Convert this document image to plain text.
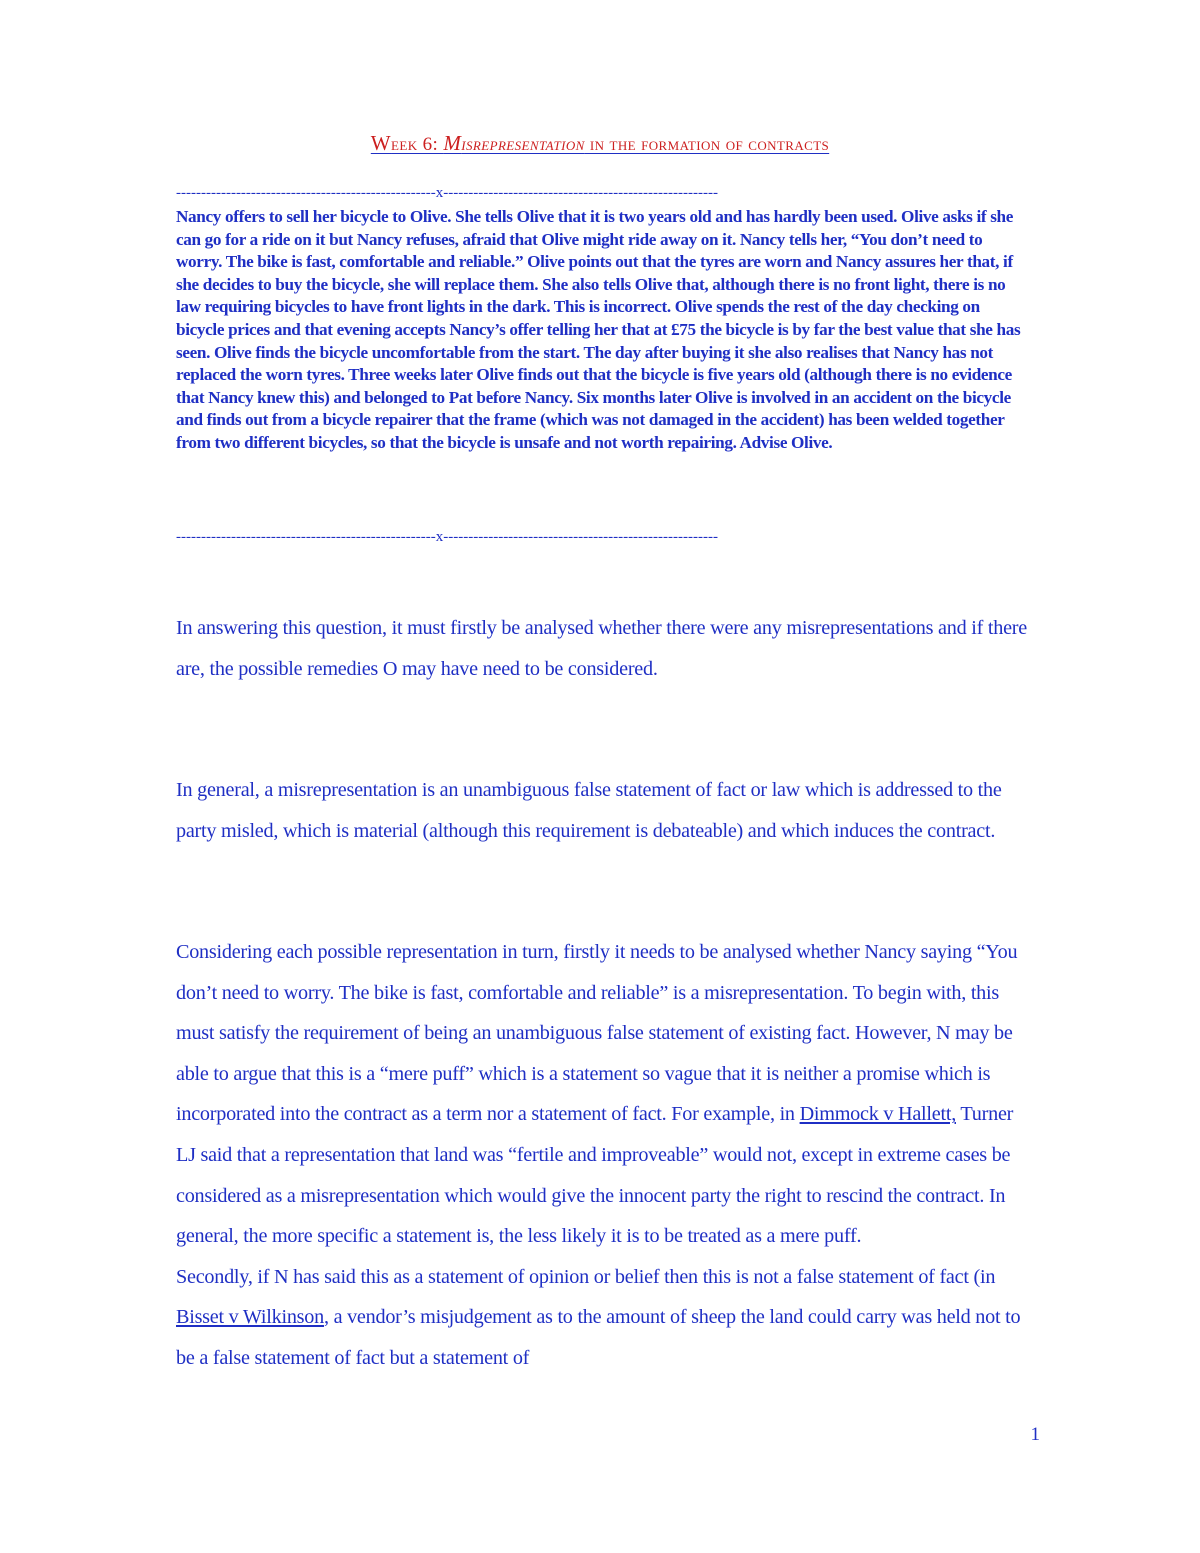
Week 6: Misrepresentation in the formation of contracts
----------------------------------------------------x-------------------------------------------------------

Nancy offers to sell her bicycle to Olive. She tells Olive that it is two years old and has hardly been used. Olive asks if she can go for a ride on it but Nancy refuses, afraid that Olive might ride away on it. Nancy tells her, “You don’t need to worry. The bike is fast, comfortable and reliable.” Olive points out that the tyres are worn and Nancy assures her that, if she decides to buy the bicycle, she will replace them. She also tells Olive that, although there is no front light, there is no law requiring bicycles to have front lights in the dark. This is incorrect. Olive spends the rest of the day checking on bicycle prices and that evening accepts Nancy’s offer telling her that at £75 the bicycle is by far the best value that she has seen. Olive finds the bicycle uncomfortable from the start. The day after buying it she also realises that Nancy has not replaced the worn tyres. Three weeks later Olive finds out that the bicycle is five years old (although there is no evidence that Nancy knew this) and belonged to Pat before Nancy. Six months later Olive is involved in an accident on the bicycle and finds out from a bicycle repairer that the frame (which was not damaged in the accident) has been welded together from two different bicycles, so that the bicycle is unsafe and not worth repairing. Advise Olive.

----------------------------------------------------x-------------------------------------------------------

In answering this question, it must firstly be analysed whether there were any misrepresentations and if there are, the possible remedies O may have need to be considered.

In general, a misrepresentation is an unambiguous false statement of fact or law which is addressed to the party misled, which is material (although this requirement is debateable) and which induces the contract.

Considering each possible representation in turn, firstly it needs to be analysed whether Nancy saying “You don’t need to worry. The bike is fast, comfortable and reliable” is a misrepresentation. To begin with, this must satisfy the requirement of being an unambiguous false statement of existing fact. However, N may be able to argue that this is a “mere puff” which is a statement so vague that it is neither a promise which is incorporated into the contract as a term nor a statement of fact. For example, in Dimmock v Hallett, Turner LJ said that a representation that land was “fertile and improveable” would not, except in extreme cases be considered as a misrepresentation which would give the innocent party the right to rescind the contract. In general, the more specific a statement is, the less likely it is to be treated as a mere puff.
Secondly, if N has said this as a statement of opinion or belief then this is not a false statement of fact (in Bisset v Wilkinson, a vendor’s misjudgement as to the amount of sheep the land could carry was held not to be a false statement of fact but a statement of

1
